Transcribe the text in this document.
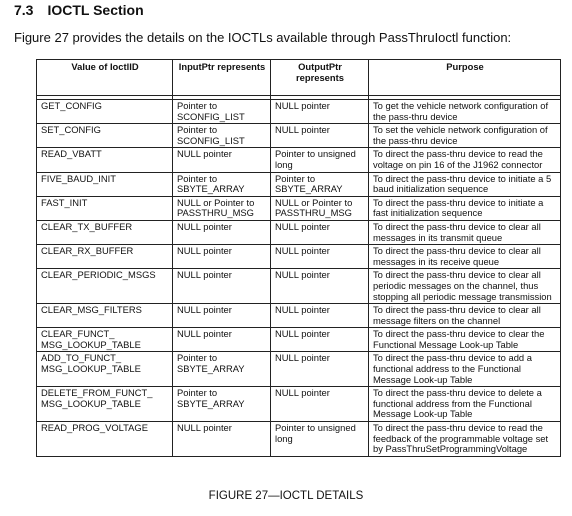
7.3 IOCTL Section
Figure 27 provides the details on the IOCTLs available through PassThruIoctl function:
Value of IoctlID	InputPtr represents	OutputPtr represents	Purpose

GET_CONFIG	Pointer to SCONFIG_LIST	NULL pointer	To get the vehicle network configuration of the pass-thru device
SET_CONFIG	Pointer to SCONFIG_LIST	NULL pointer	To set the vehicle network configuration of the pass-thru device
READ_VBATT	NULL pointer	Pointer to unsigned long	To direct the pass-thru device to read the voltage on pin 16 of the J1962 connector
FIVE_BAUD_INIT	Pointer to SBYTE_ARRAY	Pointer to SBYTE_ARRAY	To direct the pass-thru device to initiate a 5 baud initialization sequence
FAST_INIT	NULL or Pointer to PASSTHRU_MSG	NULL or Pointer to PASSTHRU_MSG	To direct the pass-thru device to initiate a fast initialization sequence
CLEAR_TX_BUFFER	NULL pointer	NULL pointer	To direct the pass-thru device to clear all messages in its transmit queue
CLEAR_RX_BUFFER	NULL pointer	NULL pointer	To direct the pass-thru device to clear all messages in its receive queue
CLEAR_PERIODIC_MSGS	NULL pointer	NULL pointer	To direct the pass-thru device to clear all periodic messages on the channel, thus stopping all periodic message transmission
CLEAR_MSG_FILTERS	NULL pointer	NULL pointer	To direct the pass-thru device to clear all message filters on the channel
CLEAR_FUNCT_ MSG_LOOKUP_TABLE	NULL pointer	NULL pointer	To direct the pass-thru device to clear the Functional Message Look-up Table
ADD_TO_FUNCT_ MSG_LOOKUP_TABLE	Pointer to SBYTE_ARRAY	NULL pointer	To direct the pass-thru device to add a functional address to the Functional Message Look-up Table
DELETE_FROM_FUNCT_ MSG_LOOKUP_TABLE	Pointer to SBYTE_ARRAY	NULL pointer	To direct the pass-thru device to delete a functional address from the Functional Message Look-up Table
READ_PROG_VOLTAGE	NULL pointer	Pointer to unsigned long	To direct the pass-thru device to read the feedback of the programmable voltage set by PassThruSetProgrammingVoltage
FIGURE 27—IOCTL DETAILS
